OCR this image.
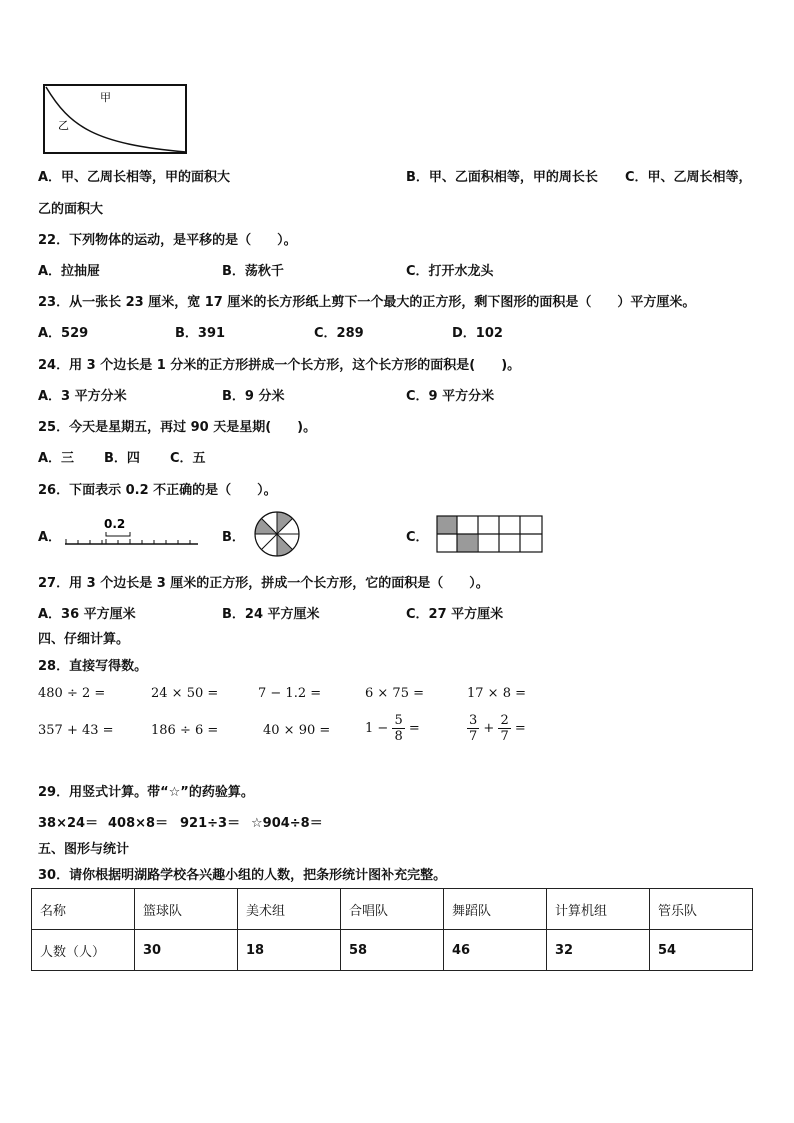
甲
乙
A．甲、乙周长相等，甲的面积大	B．甲、乙面积相等，甲的周长长 C．甲、乙周长相等，
乙的面积大
22．下列物体的运动，是平移的是（　　）。
A．拉抽屉	B．荡秋千	C．打开水龙头
23．从一张长 23 厘米，宽 17 厘米的长方形纸上剪下一个最大的正方形，剩下图形的面积是（　　）平方厘米。
A．529	B．391	C．289	D．102
24．用 3 个边长是 1 分米的正方形拼成一个长方形，这个长方形的面积是(　　)。
A．3 平方分米	B．9 分米	C．9 平方分米
25．今天是星期五，再过 90 天是星期(　　)。
A．三 B．四 C．五
26．下面表示 0.2 不正确的是（　　）。
A．
0.2
B．	C．
27．用 3 个边长是 3 厘米的正方形，拼成一个长方形，它的面积是（　　）。
A．36 平方厘米	B．24 平方厘米	C．27 平方厘米
四、仔细计算。
28．直接写得数。
480 ÷ 2 =	24 × 50 =	7 − 1.2 =	6 × 75 =	17 × 8 =
357 + 43 =	186 ÷ 6 =	40 × 90 =	$1 - \frac{5}{8}$ =	$\frac{3}{7} + \frac{2}{7}$ =
29．用竖式计算。带“☆”的药验算。
38×24＝ 408×8＝ 921÷3＝ ☆904÷8＝
五、图形与统计
30．请你根据明湖路学校各兴趣小组的人数，把条形统计图补充完整。
名称	篮球队	美术组	合唱队	舞蹈队	计算机组	管乐队
人数（人）	30	18	58	46	32	54
